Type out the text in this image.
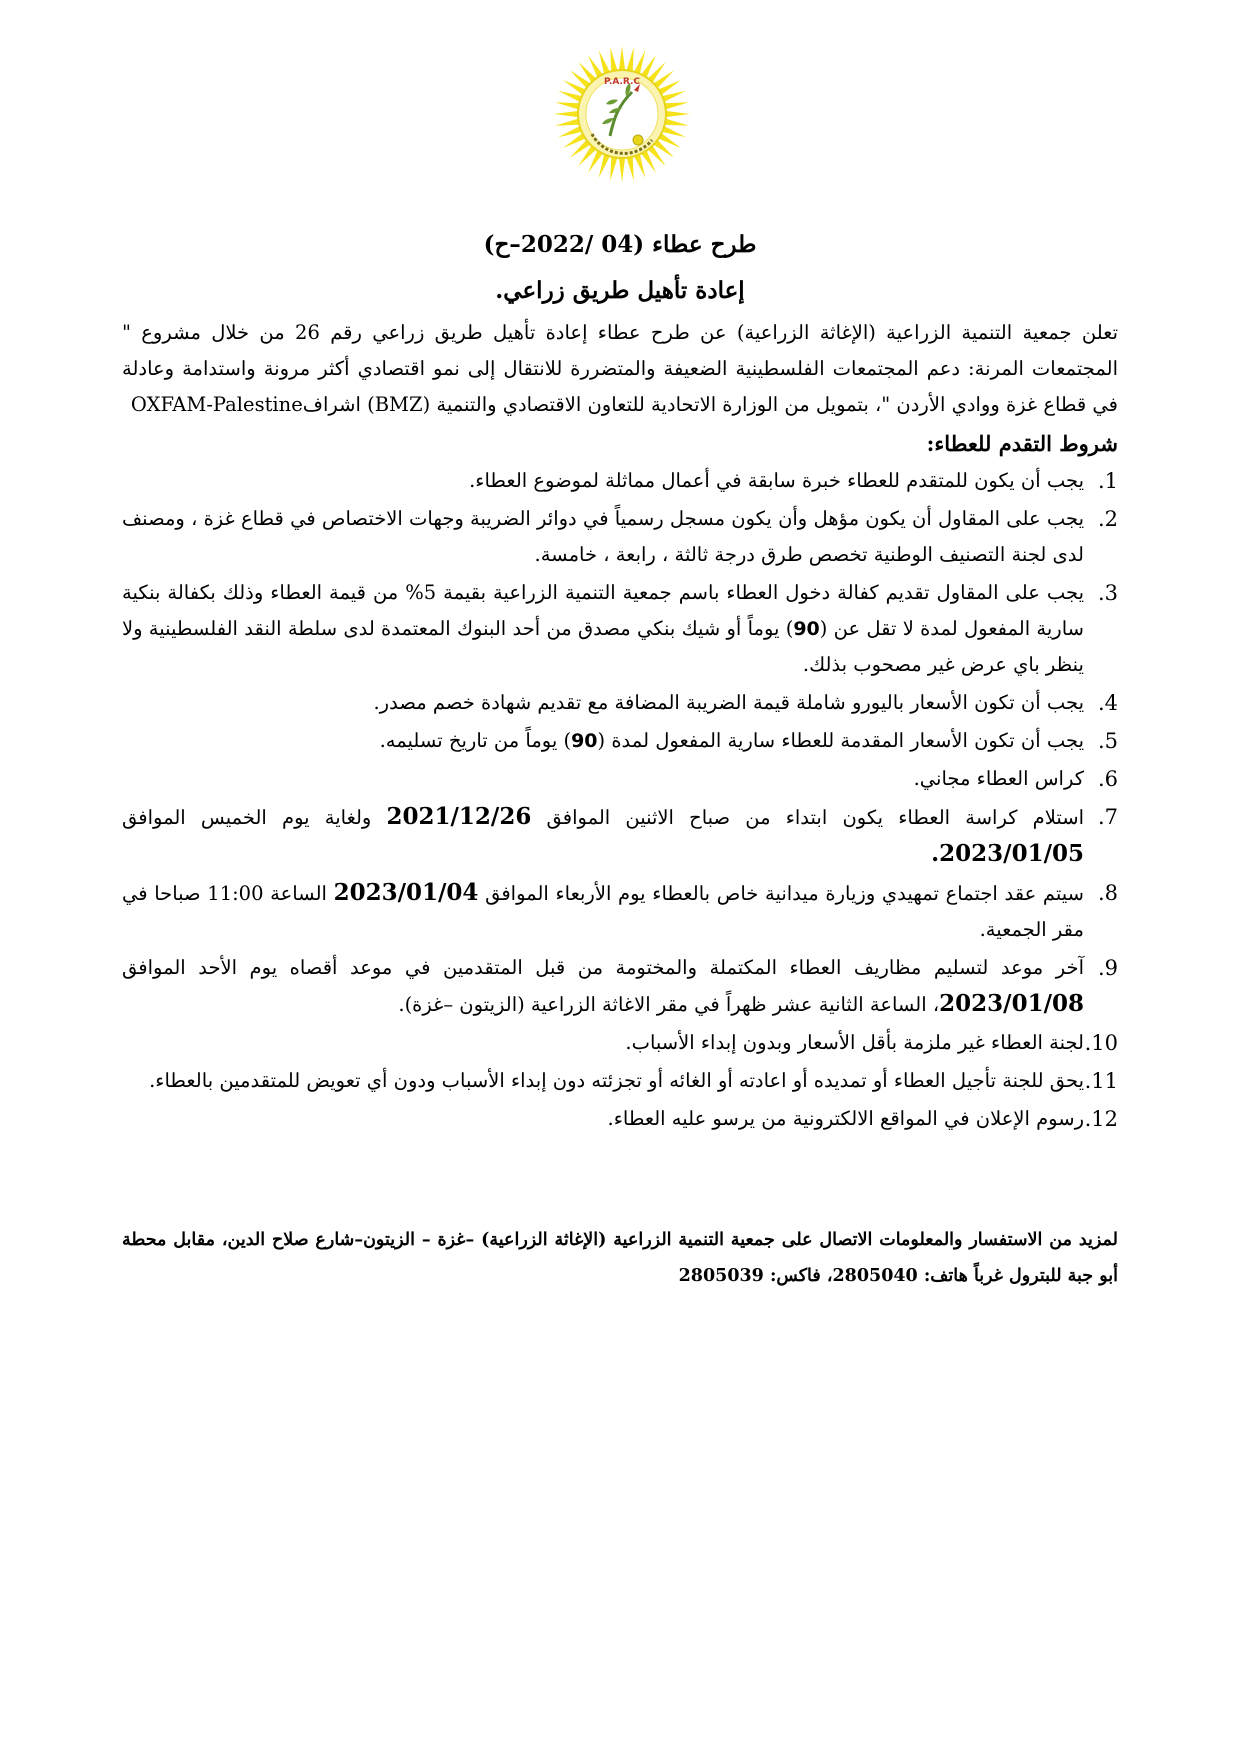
P.A.R.C

طرح عطاء (04 /2022–ح)

إعادة تأهيل طريق زراعي.

تعلن جمعية التنمية الزراعية (الإغاثة الزراعية) عن طرح عطاء إعادة تأهيل طريق زراعي رقم 26 من خلال مشروع " المجتمعات المرنة: دعم المجتمعات الفلسطينية الضعيفة والمتضررة للانتقال إلى نمو اقتصادي أكثر مرونة واستدامة وعادلة في قطاع غزة ووادي الأردن "، بتمويل من الوزارة الاتحادية للتعاون الاقتصادي والتنمية (BMZ) اشرافOXFAM-Palestine

شروط التقدم للعطاء:

1.
يجب أن يكون للمتقدم للعطاء خبرة سابقة في أعمال مماثلة لموضوع العطاء.
2.
يجب على المقاول أن يكون مؤهل وأن يكون مسجل رسمياً في دوائر الضريبة وجهات الاختصاص في قطاع غزة ، ومصنف لدى لجنة التصنيف الوطنية تخصص طرق درجة ثالثة ، رابعة ، خامسة.
3.
يجب على المقاول تقديم كفالة دخول العطاء باسم جمعية التنمية الزراعية بقيمة 5% من قيمة العطاء وذلك بكفالة بنكية سارية المفعول لمدة لا تقل عن (90) يوماً أو شيك بنكي مصدق من أحد البنوك المعتمدة لدى سلطة النقد الفلسطينية ولا ينظر باي عرض غير مصحوب بذلك.
4.
يجب أن تكون الأسعار باليورو شاملة قيمة الضريبة المضافة مع تقديم شهادة خصم مصدر.
5.
يجب أن تكون الأسعار المقدمة للعطاء سارية المفعول لمدة (90) يوماً من تاريخ تسليمه.
6.
كراس العطاء مجاني.
7.
استلام كراسة العطاء يكون ابتداء من صباح الاثنين الموافق 2021/12/26 ولغاية يوم الخميس الموافق 2023/01/05.
8.
سيتم عقد اجتماع تمهيدي وزيارة ميدانية خاص بالعطاء يوم الأربعاء الموافق 2023/01/04 الساعة 11:00 صباحا في مقر الجمعية.
9.
آخر موعد لتسليم مظاريف العطاء المكتملة والمختومة من قبل المتقدمين في موعد أقصاه يوم الأحد الموافق 2023/01/08، الساعة الثانية عشر ظهراً في مقر الاغاثة الزراعية (الزيتون –غزة).
10.
لجنة العطاء غير ملزمة بأقل الأسعار وبدون إبداء الأسباب.
11.
يحق للجنة تأجيل العطاء أو تمديده أو اعادته أو الغائه أو تجزئته دون إبداء الأسباب ودون أي تعويض للمتقدمين بالعطاء.
12.
رسوم الإعلان في المواقع الالكترونية من يرسو عليه العطاء.
لمزيد من الاستفسار والمعلومات الاتصال على جمعية التنمية الزراعية (الإغاثة الزراعية) –غزة – الزيتون–شارع صلاح الدين، مقابل محطة أبو جبة للبترول غرباً هاتف: 2805040، فاكس: 2805039
